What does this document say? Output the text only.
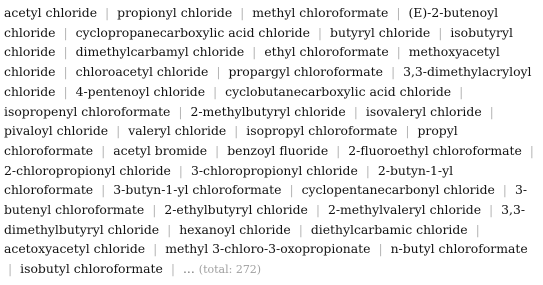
acetyl chloride | propionyl chloride | methyl chloroformate | (E)‐2‐butenoyl chloride | cyclopropanecarboxylic acid chloride | butyryl chloride | isobutyryl chloride | dimethylcarbamyl chloride | ethyl chloroformate | methoxyacetyl chloride | chloroacetyl chloride | propargyl chloroformate | 3,3‐dimethylacryloyl chloride | 4‐pentenoyl chloride | cyclobutanecarboxylic acid chloride | isopropenyl chloroformate | 2‐methylbutyryl chloride | isovaleryl chloride | pivaloyl chloride | valeryl chloride | isopropyl chloroformate | propyl chloroformate | acetyl bromide | benzoyl fluoride | 2‐fluoroethyl chloroformate | 2‐chloropropionyl chloride | 3‐chloropropionyl chloride | 2‐butyn‐1‐yl chloroformate | 3‐butyn‐1‐yl chloroformate | cyclopentanecarbonyl chloride | 3‐butenyl chloroformate | 2‐ethylbutyryl chloride | 2‐methylvaleryl chloride | 3,3‐dimethylbutyryl chloride | hexanoyl chloride | diethylcarbamic chloride | acetoxyacetyl chloride | methyl 3‐chloro‐3‐oxopropionate | n‐butyl chloroformate | isobutyl chloroformate | ... (total: 272)
